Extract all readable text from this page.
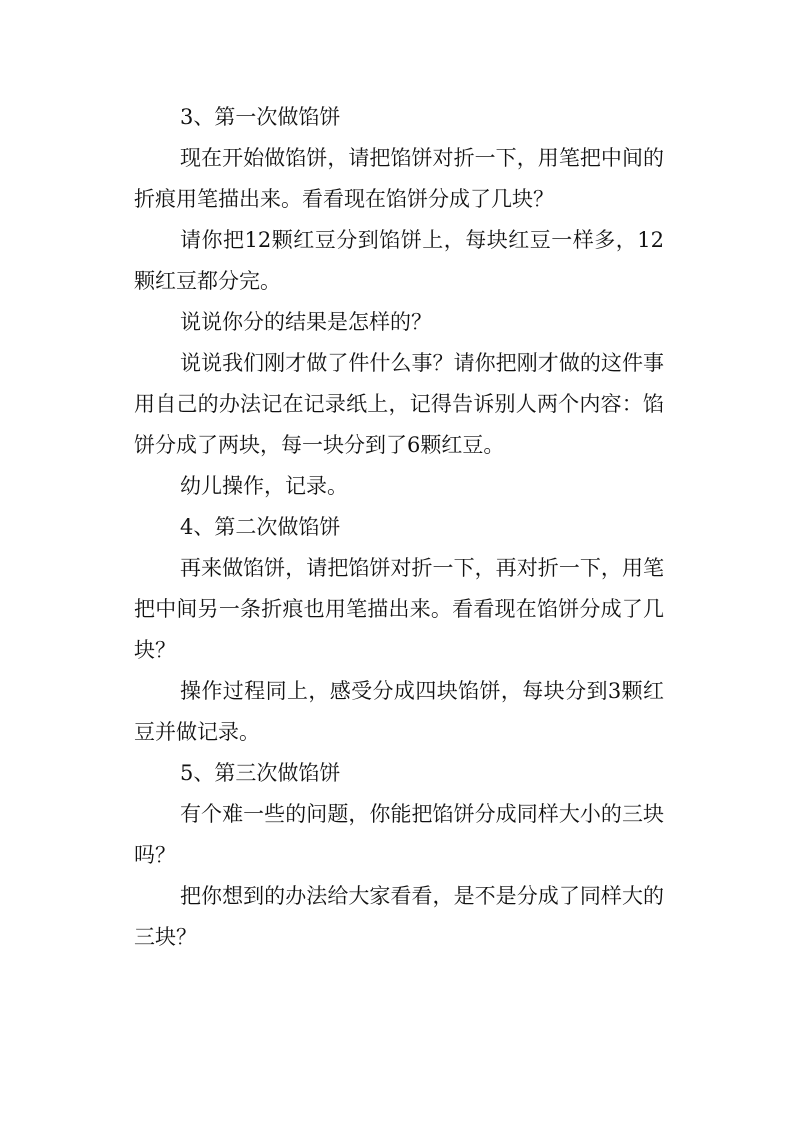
3、第一次做馅饼

现在开始做馅饼，请把馅饼对折一下，用笔把中间的折痕用笔描出来。看看现在馅饼分成了几块？

请你把12颗红豆分到馅饼上，每块红豆一样多，12颗红豆都分完。

说说你分的结果是怎样的？

说说我们刚才做了件什么事？请你把刚才做的这件事用自己的办法记在记录纸上，记得告诉别人两个内容：馅饼分成了两块，每一块分到了6颗红豆。

幼儿操作，记录。

4、第二次做馅饼

再来做馅饼，请把馅饼对折一下，再对折一下，用笔把中间另一条折痕也用笔描出来。看看现在馅饼分成了几块？

操作过程同上，感受分成四块馅饼，每块分到3颗红豆并做记录。

5、第三次做馅饼

有个难一些的问题，你能把馅饼分成同样大小的三块吗？

把你想到的办法给大家看看，是不是分成了同样大的三块？
